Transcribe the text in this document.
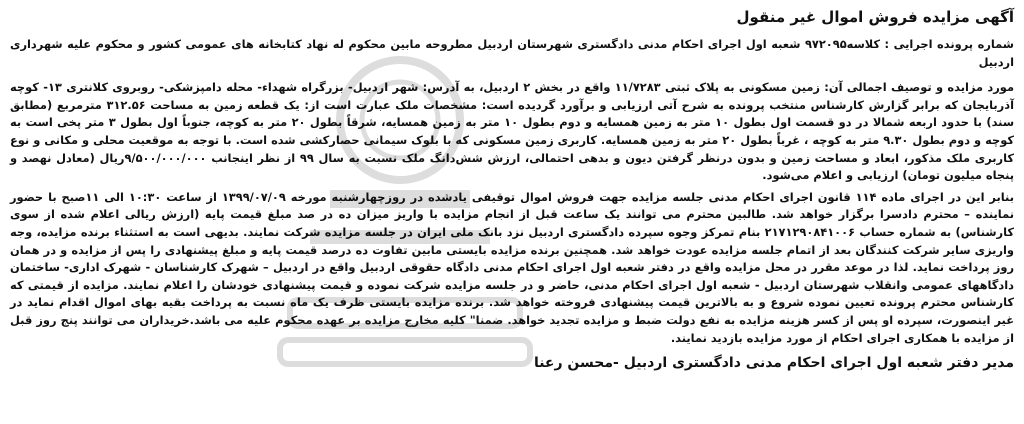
آگهی مزایده فروش اموال غیر منقول

شماره پرونده اجرایی : کلاسه۹۷۲۰۹۵ شعبه اول اجرای احکام مدنی دادگستری شهرستان اردبیل مطروحه مابین محکوم له نهاد کتابخانه های عمومی کشور و محکوم علیه شهرداری اردبیل

مورد مزایده و توصیف اجمالی آن: زمین مسکونی به پلاک ثبتی ۱۱/۷۲۸۳ واقع در بخش ۲ اردبیل، به آدرس: شهر اردبیل- بزرگراه شهداء- محله دامپزشکی- روبروی کلانتری ۱۳- کوچه آذربایجان که برابر گزارش کارشناس منتخب پرونده به شرح آتی ارزیابی و برآورد گردیده است: مشخصات ملک عبارت است از: یک قطعه زمین به مساحت ۳۱۲.۵۶ مترمربع (مطابق سند) با حدود اربعه شمالا در دو قسمت اول بطول ۱۰ متر به زمین همسایه و دوم بطول ۱۰ متر به زمین همسایه، شرقاً بطول ۲۰ متر به کوچه، جنوباً اول بطول ۳ متر پخی است به کوچه و دوم بطول ۹.۳۰ متر به کوچه ، غرباً بطول ۲۰ متر به زمین همسایه. کاربری زمین مسکونی که با بلوک سیمانی حصارکشی شده است. با توجه به موقعیت محلی و مکانی و نوع کاربری ملک مذکور، ابعاد و مساحت زمین و بدون درنظر گرفتن دیون و بدهی احتمالی، ارزش شش‌دانگ ملک نسبت به سال ۹۹ از نظر اینجانب ۹/۵۰۰/۰۰۰/۰۰۰ریال (معادل نهصد و پنجاه میلیون تومان) ارزیابی و اعلام می‌شود.

بنابر این در اجرای ماده ۱۱۴ قانون اجرای احکام مدنی جلسه مزایده جهت فروش اموال توقیفی یادشده در روزچهارشنبه مورخه ۱۳۹۹/۰۷/۰۹ از ساعت ۱۰:۳۰ الی ۱۱صبح با حضور نماینده – محترم دادسرا برگزار خواهد شد. طالبین محترم می توانند یک ساعت قبل از انجام مزایده با واریز میزان ده در صد مبلغ قیمت پایه (ارزش ریالی اعلام شده از سوی کارشناس) به شماره حساب ۲۱۷۱۲۹۰۸۴۱۰۰۶ بنام تمرکز وجوه سپرده دادگستری اردبیل نزد بانک ملی ایران در جلسه مزایده شرکت نمایند. بدیهی است به استثناء برنده مزایده، وجه واریزی سایر شرکت کنندگان بعد از اتمام جلسه مزایده عودت خواهد شد. همچنین برنده مزایده بایستی مابین تفاوت ده درصد قیمت پایه و مبلغ پیشنهادی را پس از مزایده و در همان روز پرداخت نماید. لذا در موعد مقرر در محل مزایده واقع در دفتر شعبه اول اجرای احکام مدنی دادگاه حقوقی اردبیل واقع در اردبیل – شهرک کارشناسان - شهرک اداری- ساختمان دادگاههای عمومی وانقلاب شهرستان اردبیل - شعبه اول اجرای احکام مدنی، حاضر و در جلسه مزایده شرکت نموده و قیمت پیشنهادی خودشان را اعلام نمایند. مزایده از قیمتی که کارشناس محترم پرونده تعیین نموده شروع و به بالاترین قیمت پیشنهادی فروخته خواهد شد. برنده مزایده بایستی ظرف یک ماه نسبت به پرداخت بقیه بهای اموال اقدام نماید در غیر اینصورت، سپرده او پس از کسر هزینه مزایده به نفع دولت ضبط و مزایده تجدید خواهد. ضمنا" کلیه مخارج مزایده بر عهده محکوم علیه می باشد.خریداران می توانند پنج روز قبل از مزایده با همکاری اجرای احکام از مورد مزایده بازدید نمایند.

مدیر دفتر شعبه اول اجرای احکام مدنی دادگستری اردبیل -محسن رعنا
